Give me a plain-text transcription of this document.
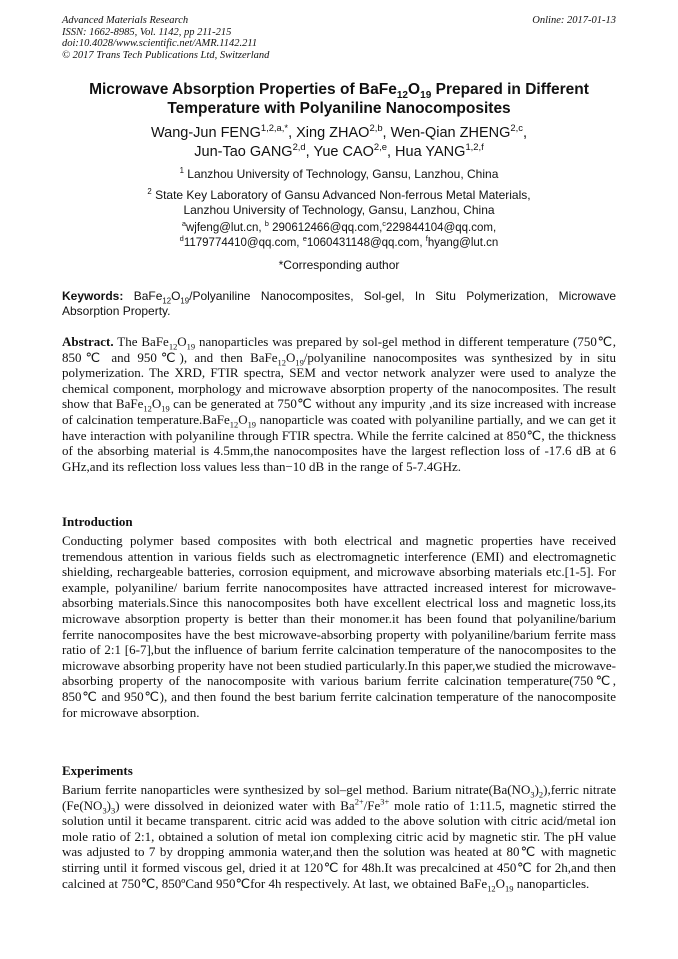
Advanced Materials Research
ISSN: 1662-8985, Vol. 1142, pp 211-215
doi:10.4028/www.scientific.net/AMR.1142.211
© 2017 Trans Tech Publications Ltd, Switzerland
Online: 2017-01-13
Microwave Absorption Properties of $BaFe_{12}O_{19}$ Prepared in Different Temperature with Polyaniline Nanocomposites
Wang-Jun $FENG^{1,2,a,*}$, Xing ZHAO$^{2,b}$, Wen-Qian ZHENG$^{2,c}$,
Jun-Tao GANG$^{2,d}$, Yue CAO$^{2,e}$, Hua YANG$^{1,2,f}$
$^1$ Lanzhou University of Technology, Gansu, Lanzhou, China
$^2$ State Key Laboratory of Gansu Advanced Non-ferrous Metal Materials,
Lanzhou University of Technology, Gansu, Lanzhou, China
$^a$wjfeng@lut.cn, $^b$ 290612466@qq.com,$^c$229844104@qq.com,
$^d$1179774410@qq.com, $^e$1060431148@qq.com, $^f$hyang@lut.cn
*Corresponding author
Keywords: $BaFe_{12}O_{19}$/Polyaniline Nanocomposites, Sol-gel, In Situ Polymerization, Microwave Absorption Property.
Abstract. The $BaFe_{12}O_{19}$ nanoparticles was prepared by sol-gel method in different temperature (750℃, 850℃ and 950℃), and then $BaFe_{12}O_{19}$/polyaniline nanocomposites was synthesized by in situ polymerization. The XRD, FTIR spectra, SEM and vector network analyzer were used to analyze the chemical component, morphology and microwave absorption property of the nanocomposites. The result show that $BaFe_{12}O_{19}$ can be generated at 750℃ without any impurity ,and its size increased with increase of calcination $temperature.BaFe_{12}O_{19}$ nanoparticle was coated with polyaniline partially, and we can get it have interaction with polyaniline through FTIR spectra. While the ferrite calcined at 850℃, the thickness of the absorbing material is 4.5mm,the nanocomposites have the largest reflection loss of -17.6 dB at 6 GHz,and its reflection loss values less than−10 dB in the range of 5-7.4GHz.
Introduction
Conducting polymer based composites with both electrical and magnetic properties have received tremendous attention in various fields such as electromagnetic interference (EMI) and electromagnetic shielding, rechargeable batteries, corrosion equipment, and microwave absorbing materials etc.[1-5]. For example, polyaniline/ barium ferrite nanocomposites have attracted increased interest for microwave- absorbing materials.Since this nanocomposites both have excellent electrical loss and magnetic loss,its microwave absorption property is better than their monomer.it has been found that polyaniline/barium ferrite nanocomposites have the best microwave-absorbing property with polyaniline/barium ferrite mass ratio of 2:1 [6-7],but the influence of barium ferrite calcination temperature of the nanocomposites to the microwave absorbing properity have not been studied particularly.In this paper,we studied the microwave-absorbing property of the nanocomposite with various barium ferrite calcination temperature(750℃, 850℃ and 950℃), and then found the best barium ferrite calcination temperature of the nanocomposite for microwave absorption.
Experiments
Barium ferrite nanoparticles were synthesized by sol–gel method. Barium $nitrate(Ba(NO_3)_2),ferric$ nitrate $(Fe(NO_3)_3)$ were dissolved in deionized water with $Ba^{2+}/Fe^{3+}$ mole ratio of 1:11.5, magnetic stirred the solution until it became transparent. citric acid was added to the above solution with citric acid/metal ion mole ratio of 2:1, obtained a solution of metal ion complexing citric acid by magnetic stir. The pH value was adjusted to 7 by dropping ammonia water,and then the solution was heated at 80℃ with magnetic stirring until it formed viscous gel, dried it at 120℃ for 48h.It was precalcined at 450℃ for 2h,and then calcined at 750℃, 850ºCand 950℃for 4h respectively. At last, we obtained $BaFe_{12}O_{19}$ nanoparticles.
